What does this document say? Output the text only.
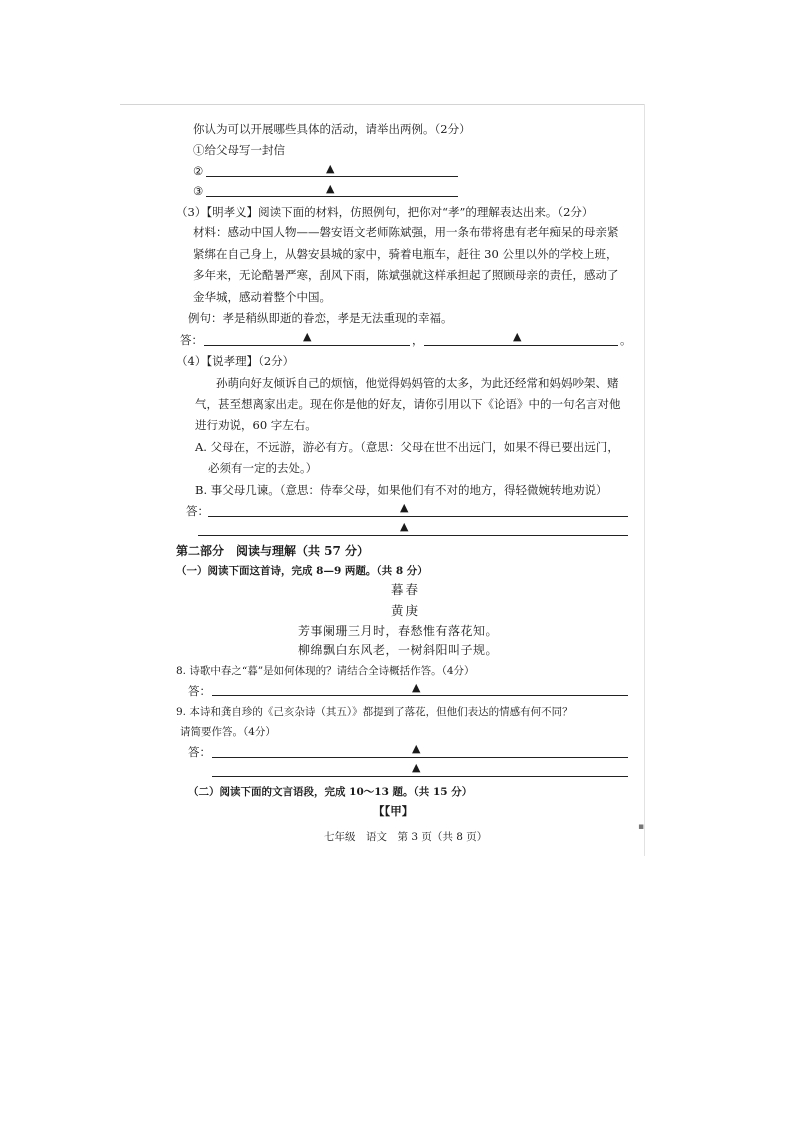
你认为可以开展哪些具体的活动，请举出两例。（2分）
①给父母写一封信
②	▲
③	▲
（3）【明孝义】阅读下面的材料，仿照例句，把你对“孝”的理解表达出来。（2分）
材料：感动中国人物——磐安语文老师陈斌强，用一条布带将患有老年痴呆的母亲紧
紧绑在自己身上，从磐安县城的家中，骑着电瓶车，赶往 30 公里以外的学校上班，
多年来，无论酷暑严寒，刮风下雨，陈斌强就这样承担起了照顾母亲的责任，感动了
金华城，感动着整个中国。
例句：孝是稍纵即逝的眷恋，孝是无法重现的幸福。
答：	▲	，	▲	。
（4）【说孝理】（2分）
孙萌向好友倾诉自己的烦恼，他觉得妈妈管的太多，为此还经常和妈妈吵架、赌
气，甚至想离家出走。现在你是他的好友，请你引用以下《论语》中的一句名言对他
进行劝说，60 字左右。
A. 父母在，不远游，游必有方。（意思：父母在世不出远门，如果不得已要出远门，
必须有一定的去处。）
B. 事父母几谏。（意思：侍奉父母，如果他们有不对的地方，得轻微婉转地劝说）
答：	▲
▲
第二部分　阅读与理解（共 57 分）
（一）阅读下面这首诗，完成 8—9 两题。（共 8 分）
暮春
黄庚
芳事阑珊三月时，春愁惟有落花知。
柳绵飘白东风老，一树斜阳叫子规。
8. 诗歌中春之“暮”是如何体现的？请结合全诗概括作答。（4分）
答：	▲
9. 本诗和龚自珍的《己亥杂诗（其五）》都提到了落花，但他们表达的情感有何不同？
请简要作答。（4分）
答：	▲
▲
（二）阅读下面的文言语段，完成 10～13 题。（共 15 分）
【【甲】
▪
七年级　语文　第 3 页（共 8 页）
